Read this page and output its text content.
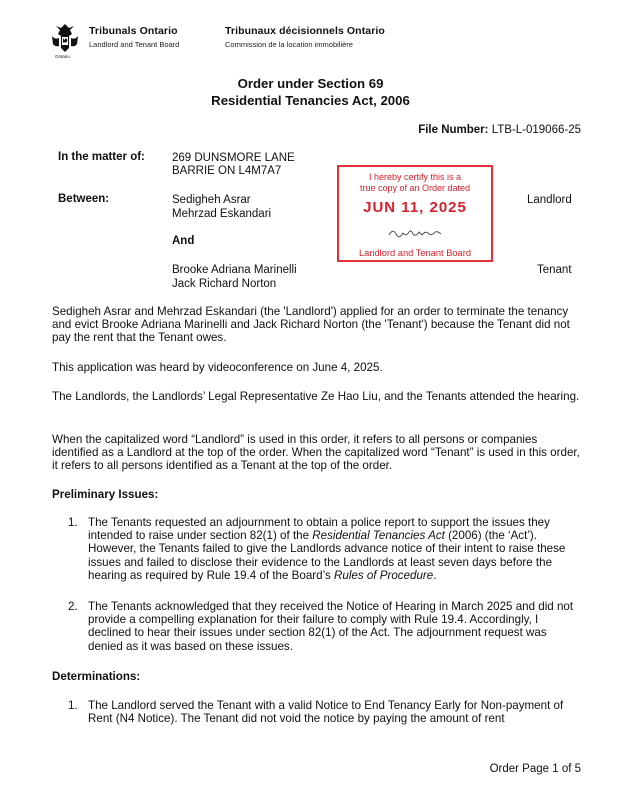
Ontario
Tribunals Ontario
Landlord and Tenant Board
Tribunaux décisionnels Ontario
Commission de la location immobilière
Order under Section 69
Residential Tenancies Act, 2006
File Number: LTB-L-019066-25
In the matter of: 269 DUNSMORE LANE
BARRIE ON L4M7A7
Between:	Sedigheh Asrar
Mehrzad Eskandari
Landlord
And
Brooke Adriana Marinelli
Jack Richard Norton
Tenant
I hereby certify this is a
true copy of an Order dated
JUN 11, 2025
Landlord and Tenant Board
Sedigheh Asrar and Mehrzad Eskandari (the 'Landlord') applied for an order to terminate the tenancy and evict Brooke Adriana Marinelli and Jack Richard Norton (the 'Tenant') because the Tenant did not pay the rent that the Tenant owes.
This application was heard by videoconference on June 4, 2025.
The Landlords, the Landlords’ Legal Representative Ze Hao Liu, and the Tenants attended the hearing.
When the capitalized word “Landlord” is used in this order, it refers to all persons or companies identified as a Landlord at the top of the order. When the capitalized word “Tenant” is used in this order, it refers to all persons identified as a Tenant at the top of the order.
Preliminary Issues:
1. The Tenants requested an adjournment to obtain a police report to support the issues they intended to raise under section 82(1) of the Residential Tenancies Act (2006) (the ‘Act’). However, the Tenants failed to give the Landlords advance notice of their intent to raise these issues and failed to disclose their evidence to the Landlords at least seven days before the hearing as required by Rule 19.4 of the Board’s Rules of Procedure.
2. The Tenants acknowledged that they received the Notice of Hearing in March 2025 and did not provide a compelling explanation for their failure to comply with Rule 19.4. Accordingly, I declined to hear their issues under section 82(1) of the Act. The adjournment request was denied as it was based on these issues.
Determinations:
1. The Landlord served the Tenant with a valid Notice to End Tenancy Early for Non-payment of Rent (N4 Notice). The Tenant did not void the notice by paying the amount of rent
Order Page 1 of 5
